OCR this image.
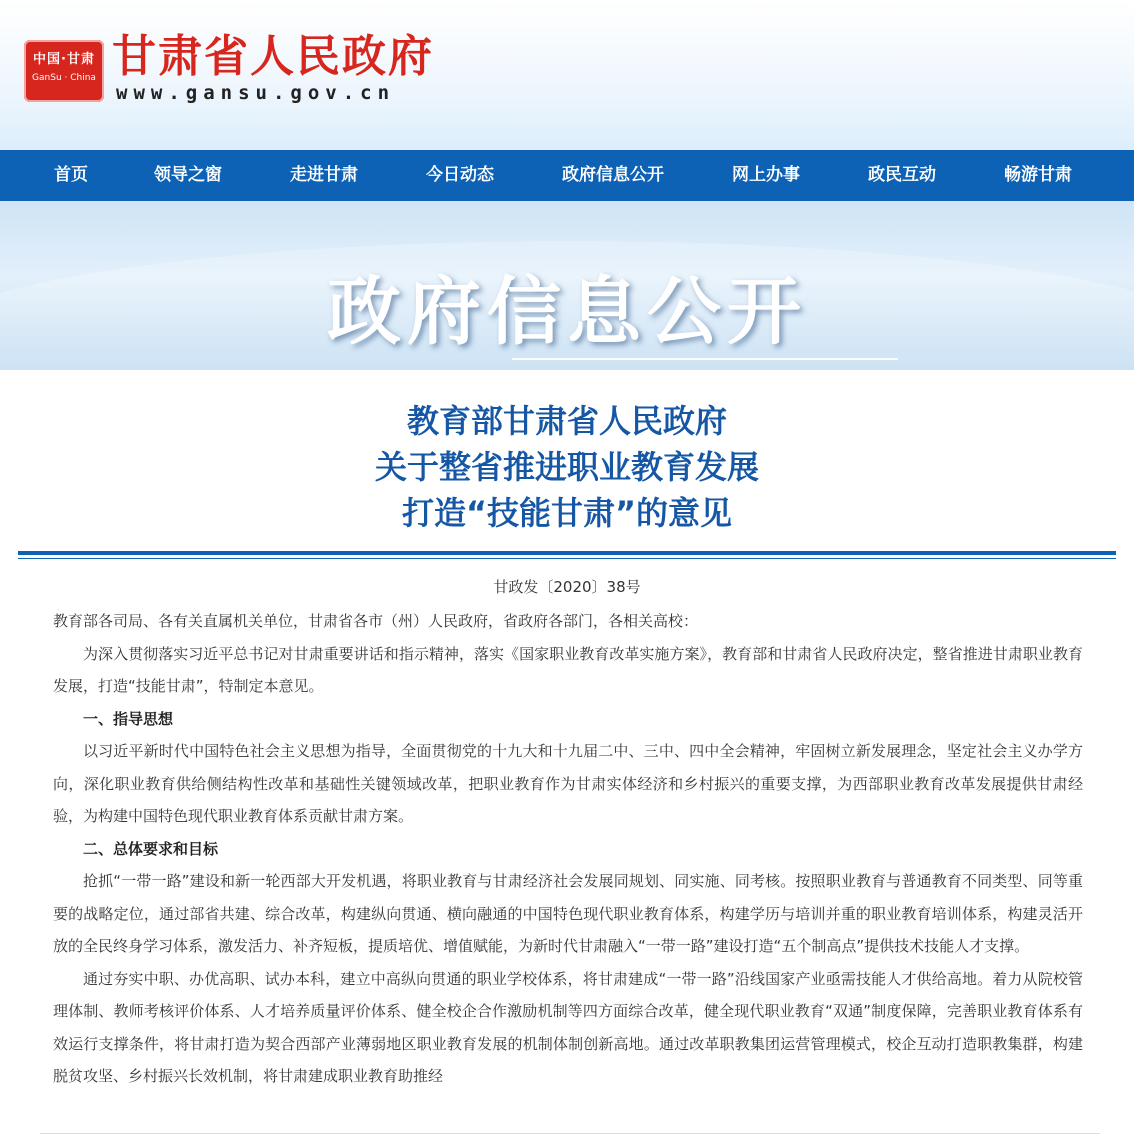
中国·甘肃
GanSu · China 甘肃省人民政府
www.gansu.gov.cn
首页	领导之窗	走进甘肃	今日动态	政府信息公开	网上办事	政民互动	畅游甘肃
政府信息公开
教育部甘肃省人民政府
关于整省推进职业教育发展
打造“技能甘肃”的意见
甘政发〔2020〕38号

教育部各司局、各有关直属机关单位，甘肃省各市（州）人民政府，省政府各部门，各相关高校：

为深入贯彻落实习近平总书记对甘肃重要讲话和指示精神，落实《国家职业教育改革实施方案》，教育部和甘肃省人民政府决定，整省推进甘肃职业教育发展，打造“技能甘肃”，特制定本意见。

一、指导思想

以习近平新时代中国特色社会主义思想为指导，全面贯彻党的十九大和十九届二中、三中、四中全会精神，牢固树立新发展理念，坚定社会主义办学方向，深化职业教育供给侧结构性改革和基础性关键领域改革，把职业教育作为甘肃实体经济和乡村振兴的重要支撑，为西部职业教育改革发展提供甘肃经验，为构建中国特色现代职业教育体系贡献甘肃方案。

二、总体要求和目标

抢抓“一带一路”建设和新一轮西部大开发机遇，将职业教育与甘肃经济社会发展同规划、同实施、同考核。按照职业教育与普通教育不同类型、同等重要的战略定位，通过部省共建、综合改革，构建纵向贯通、横向融通的中国特色现代职业教育体系，构建学历与培训并重的职业教育培训体系，构建灵活开放的全民终身学习体系，激发活力、补齐短板，提质培优、增值赋能，为新时代甘肃融入“一带一路”建设打造“五个制高点”提供技术技能人才支撑。

通过夯实中职、办优高职、试办本科，建立中高纵向贯通的职业学校体系，将甘肃建成“一带一路”沿线国家产业亟需技能人才供给高地。着力从院校管理体制、教师考核评价体系、人才培养质量评价体系、健全校企合作激励机制等四方面综合改革，健全现代职业教育“双通”制度保障，完善职业教育体系有效运行支撑条件，将甘肃打造为契合西部产业薄弱地区职业教育发展的机制体制创新高地。通过改革职教集团运营管理模式，校企互动打造职教集群，构建脱贫攻坚、乡村振兴长效机制，将甘肃建成职业教育助推经
